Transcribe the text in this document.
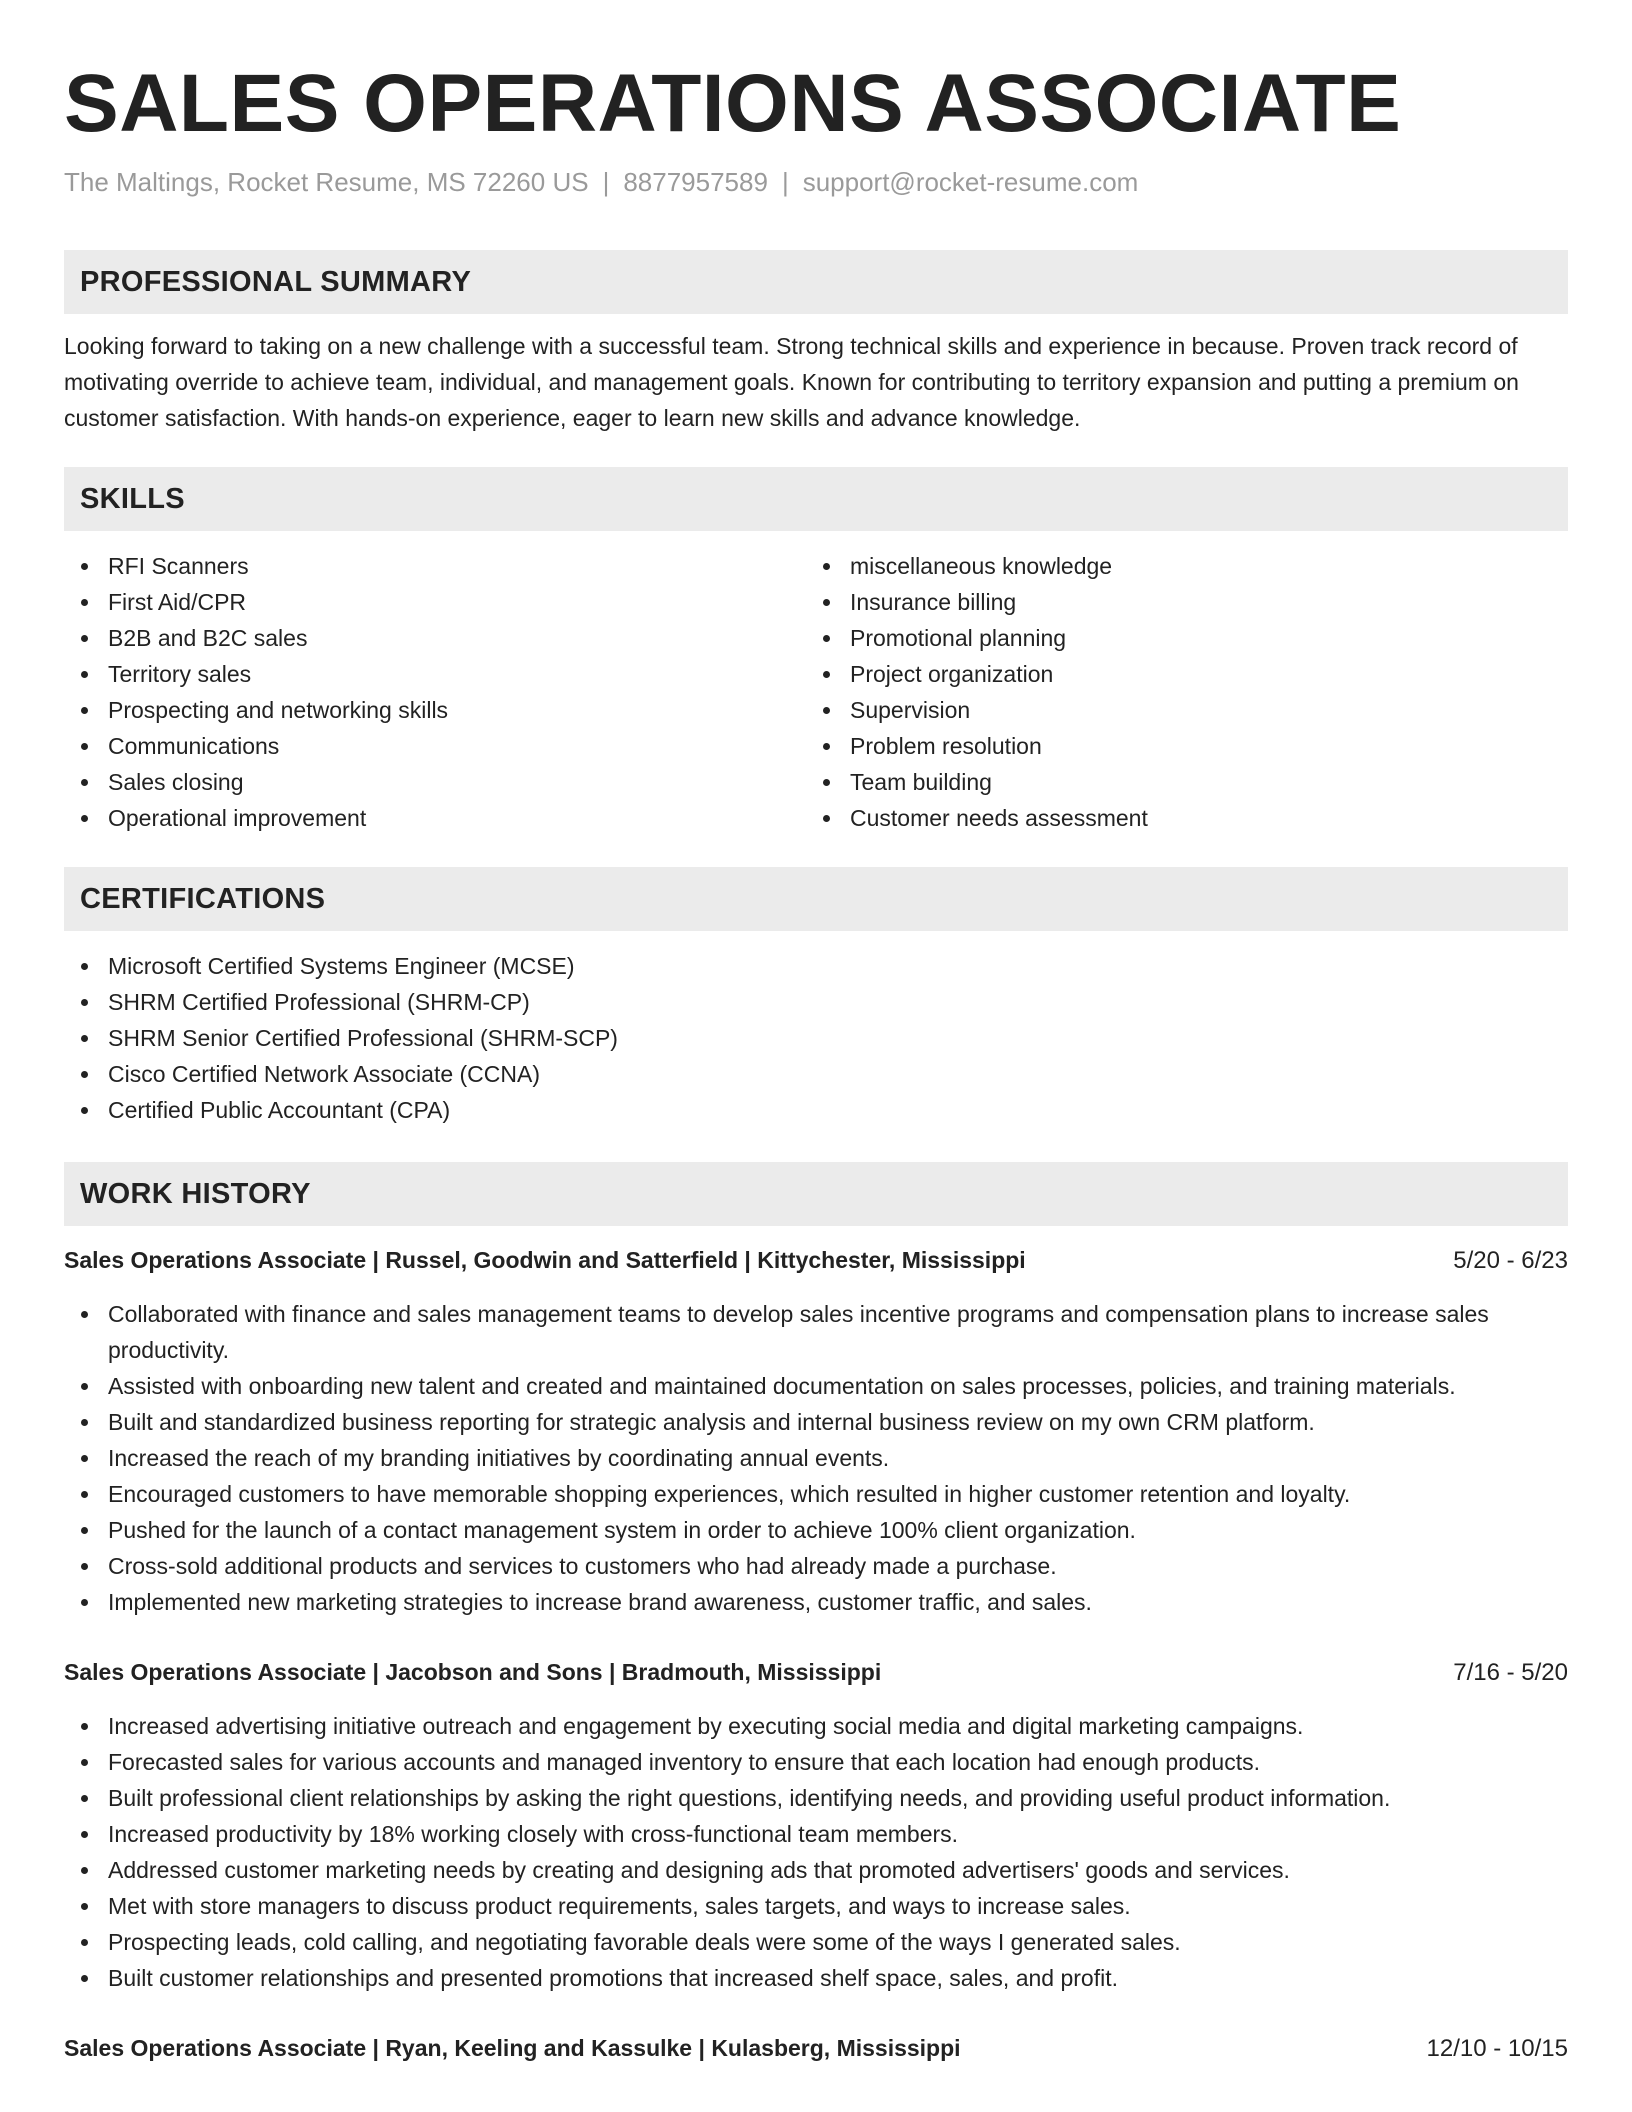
SALES OPERATIONS ASSOCIATE
The Maltings, Rocket Resume, MS 72260 US | 8877957589 | support@rocket-resume.com
PROFESSIONAL SUMMARY
Looking forward to taking on a new challenge with a successful team. Strong technical skills and experience in because. Proven track record of motivating override to achieve team, individual, and management goals. Known for contributing to territory expansion and putting a premium on customer satisfaction. With hands-on experience, eager to learn new skills and advance knowledge.
SKILLS
RFI Scanners
First Aid/CPR
B2B and B2C sales
Territory sales
Prospecting and networking skills
Communications
Sales closing
Operational improvement
miscellaneous knowledge
Insurance billing
Promotional planning
Project organization
Supervision
Problem resolution
Team building
Customer needs assessment
CERTIFICATIONS
Microsoft Certified Systems Engineer (MCSE)
SHRM Certified Professional (SHRM-CP)
SHRM Senior Certified Professional (SHRM-SCP)
Cisco Certified Network Associate (CCNA)
Certified Public Accountant (CPA)
WORK HISTORY
Sales Operations Associate | Russel, Goodwin and Satterfield | Kittychester, Mississippi	5/20 - 6/23
Collaborated with finance and sales management teams to develop sales incentive programs and compensation plans to increase sales productivity.
Assisted with onboarding new talent and created and maintained documentation on sales processes, policies, and training materials.
Built and standardized business reporting for strategic analysis and internal business review on my own CRM platform.
Increased the reach of my branding initiatives by coordinating annual events.
Encouraged customers to have memorable shopping experiences, which resulted in higher customer retention and loyalty.
Pushed for the launch of a contact management system in order to achieve 100% client organization.
Cross-sold additional products and services to customers who had already made a purchase.
Implemented new marketing strategies to increase brand awareness, customer traffic, and sales.
Sales Operations Associate | Jacobson and Sons | Bradmouth, Mississippi	7/16 - 5/20
Increased advertising initiative outreach and engagement by executing social media and digital marketing campaigns.
Forecasted sales for various accounts and managed inventory to ensure that each location had enough products.
Built professional client relationships by asking the right questions, identifying needs, and providing useful product information.
Increased productivity by 18% working closely with cross-functional team members.
Addressed customer marketing needs by creating and designing ads that promoted advertisers' goods and services.
Met with store managers to discuss product requirements, sales targets, and ways to increase sales.
Prospecting leads, cold calling, and negotiating favorable deals were some of the ways I generated sales.
Built customer relationships and presented promotions that increased shelf space, sales, and profit.
Sales Operations Associate | Ryan, Keeling and Kassulke | Kulasberg, Mississippi	12/10 - 10/15
